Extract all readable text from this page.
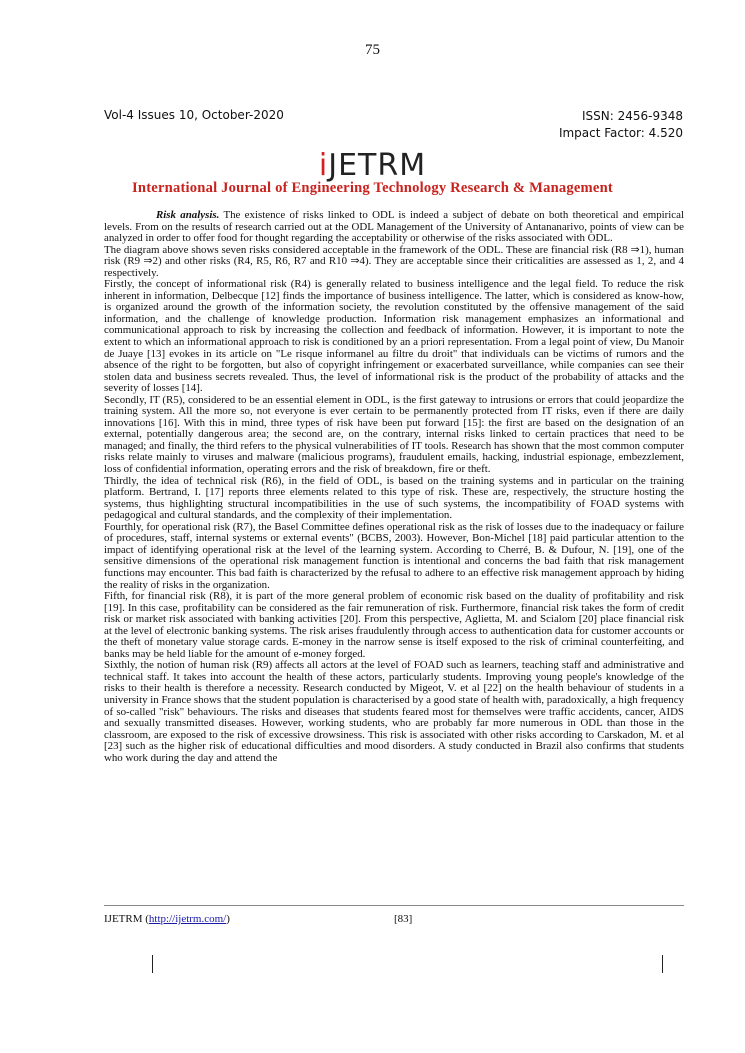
75
Vol-4 Issues 10, October-2020	ISSN: 2456-9348
Impact Factor: 4.520
iJETRM
International Journal of Engineering Technology Research & Management

Risk analysis. The existence of risks linked to ODL is indeed a subject of debate on both theoretical and empirical levels. From on the results of research carried out at the ODL Management of the University of Antananarivo, points of view can be analyzed in order to offer food for thought regarding the acceptability or otherwise of the risks associated with ODL.

The diagram above shows seven risks considered acceptable in the framework of the ODL. These are financial risk (R8 ⇒1), human risk (R9 ⇒2) and other risks (R4, R5, R6, R7 and R10 ⇒4). They are acceptable since their criticalities are assessed as 1, 2, and 4 respectively.

Firstly, the concept of informational risk (R4) is generally related to business intelligence and the legal field. To reduce the risk inherent in information, Delbecque [12] finds the importance of business intelligence. The latter, which is considered as know-how, is organized around the growth of the information society, the revolution constituted by the offensive management of the said information, and the challenge of knowledge production. Information risk management emphasizes an informational and communicational approach to risk by increasing the collection and feedback of information. However, it is important to note the extent to which an informational approach to risk is conditioned by an a priori representation. From a legal point of view, Du Manoir de Juaye [13] evokes in its article on "Le risque informanel au filtre du droit" that individuals can be victims of rumors and the absence of the right to be forgotten, but also of copyright infringement or exacerbated surveillance, while companies can see their stolen data and business secrets revealed. Thus, the level of informational risk is the product of the probability of attacks and the severity of losses [14].

Secondly, IT (R5), considered to be an essential element in ODL, is the first gateway to intrusions or errors that could jeopardize the training system. All the more so, not everyone is ever certain to be permanently protected from IT risks, even if there are daily innovations [16]. With this in mind, three types of risk have been put forward [15]: the first are based on the designation of an external, potentially dangerous area; the second are, on the contrary, internal risks linked to certain practices that need to be managed; and finally, the third refers to the physical vulnerabilities of IT tools. Research has shown that the most common computer risks relate mainly to viruses and malware (malicious programs), fraudulent emails, hacking, industrial espionage, embezzlement, loss of confidential information, operating errors and the risk of breakdown, fire or theft.

Thirdly, the idea of technical risk (R6), in the field of ODL, is based on the training systems and in particular on the training platform. Bertrand, I. [17] reports three elements related to this type of risk. These are, respectively, the structure hosting the systems, thus highlighting structural incompatibilities in the use of such systems, the incompatibility of FOAD systems with pedagogical and cultural standards, and the complexity of their implementation.

Fourthly, for operational risk (R7), the Basel Committee defines operational risk as the risk of losses due to the inadequacy or failure of procedures, staff, internal systems or external events" (BCBS, 2003). However, Bon-Michel [18] paid particular attention to the impact of identifying operational risk at the level of the learning system. According to Cherré, B. & Dufour, N. [19], one of the sensitive dimensions of the operational risk management function is intentional and concerns the bad faith that risk management functions may encounter. This bad faith is characterized by the refusal to adhere to an effective risk management approach by hiding the reality of risks in the organization.

Fifth, for financial risk (R8), it is part of the more general problem of economic risk based on the duality of profitability and risk [19]. In this case, profitability can be considered as the fair remuneration of risk. Furthermore, financial risk takes the form of credit risk or market risk associated with banking activities [20]. From this perspective, Aglietta, M. and Scialom [20] place financial risk at the level of electronic banking systems. The risk arises fraudulently through access to authentication data for customer accounts or the theft of monetary value storage cards. E-money in the narrow sense is itself exposed to the risk of criminal counterfeiting, and banks may be held liable for the amount of e-money forged.

Sixthly, the notion of human risk (R9) affects all actors at the level of FOAD such as learners, teaching staff and administrative and technical staff. It takes into account the health of these actors, particularly students. Improving young people's knowledge of the risks to their health is therefore a necessity. Research conducted by Migeot, V. et al [22] on the health behaviour of students in a university in France shows that the student population is characterised by a good state of health with, paradoxically, a high frequency of so-called "risk" behaviours. The risks and diseases that students feared most for themselves were traffic accidents, cancer, AIDS and sexually transmitted diseases. However, working students, who are probably far more numerous in ODL than those in the classroom, are exposed to the risk of excessive drowsiness. This risk is associated with other risks according to Carskadon, M. et al [23] such as the higher risk of educational difficulties and mood disorders. A study conducted in Brazil also confirms that students who work during the day and attend the

IJETRM (http://ijetrm.com/)	[83]
